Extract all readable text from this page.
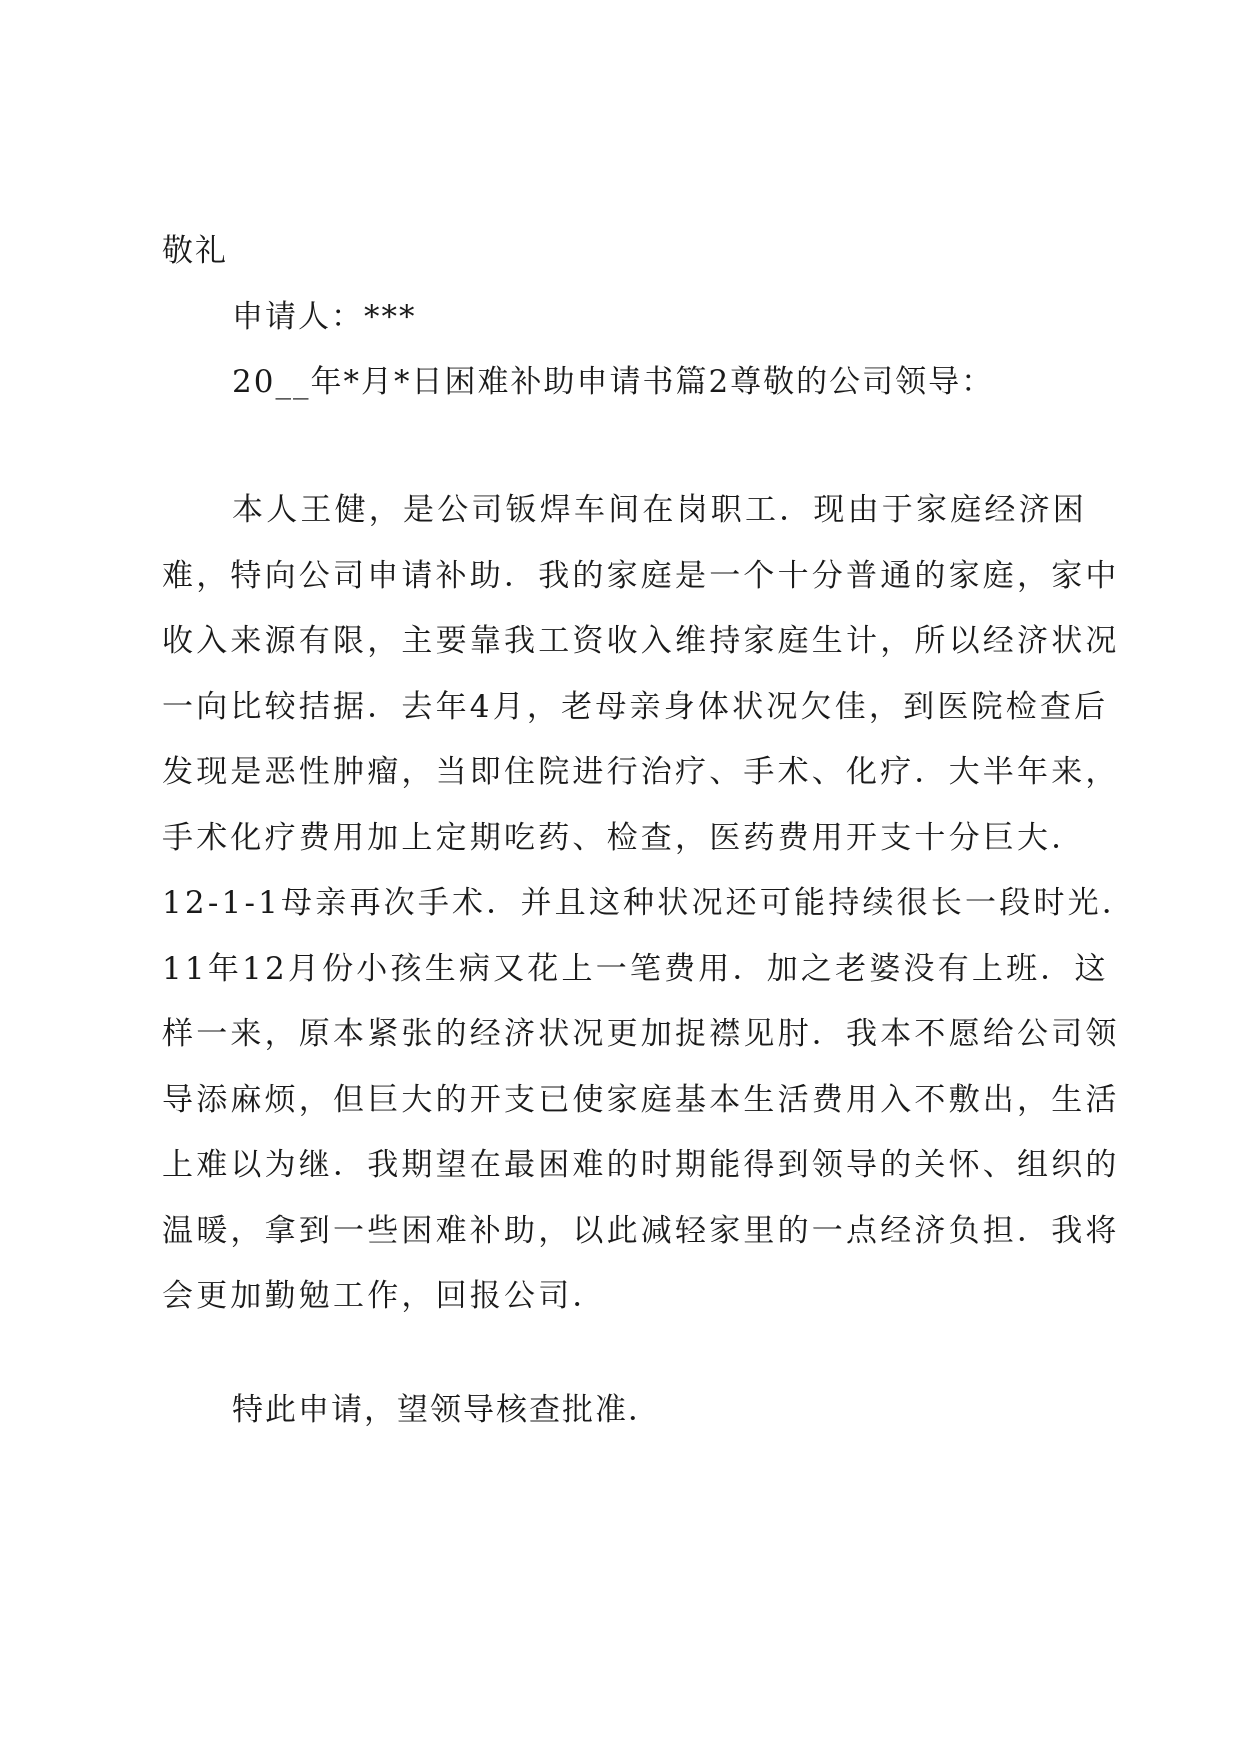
敬礼
申请人：***
20__年*月*日困难补助申请书篇2尊敬的公司领导：
本人王健，是公司钣焊车间在岗职工．现由于家庭经济困
难，特向公司申请补助．我的家庭是一个十分普通的家庭，家中
收入来源有限，主要靠我工资收入维持家庭生计，所以经济状况
一向比较拮据．去年4月，老母亲身体状况欠佳，到医院检查后
发现是恶性肿瘤，当即住院进行治疗、手术、化疗．大半年来，
手术化疗费用加上定期吃药、检查，医药费用开支十分巨大．
12-1-1母亲再次手术．并且这种状况还可能持续很长一段时光．
11年12月份小孩生病又花上一笔费用．加之老婆没有上班．这
样一来，原本紧张的经济状况更加捉襟见肘．我本不愿给公司领
导添麻烦，但巨大的开支已使家庭基本生活费用入不敷出，生活
上难以为继．我期望在最困难的时期能得到领导的关怀、组织的
温暖，拿到一些困难补助，以此减轻家里的一点经济负担．我将
会更加勤勉工作，回报公司．
特此申请，望领导核查批准．
